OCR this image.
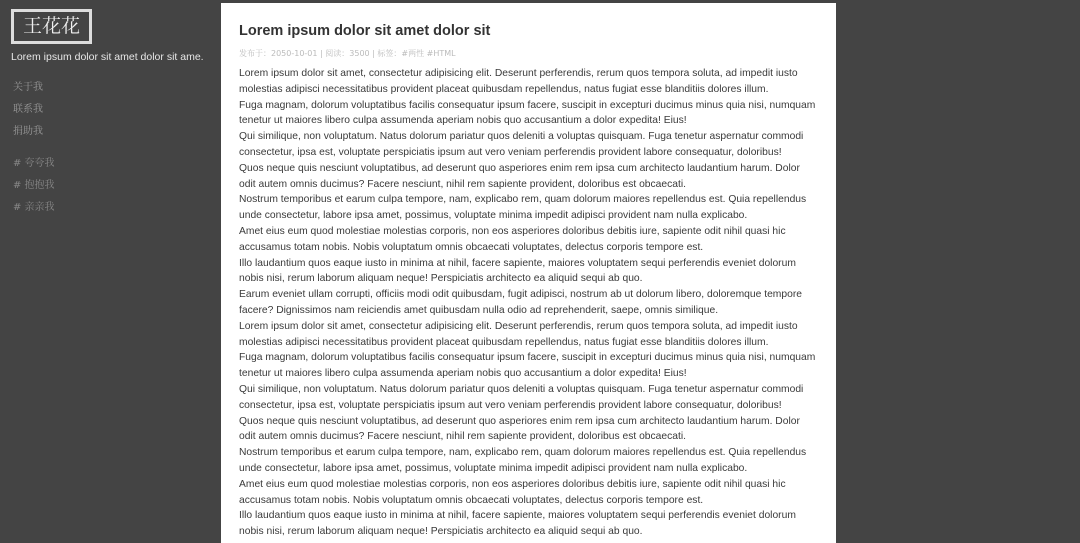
王花花
Lorem ipsum dolor sit amet dolor sit ame.
关于我
联系我
捐助我
# 夸夸我
# 抱抱我
# 亲亲我
Lorem ipsum dolor sit amet dolor sit
发布于：2050-10-01 | 阅读：3500 | 标签：#两性 #HTML

Lorem ipsum dolor sit amet, consectetur adipisicing elit. Deserunt perferendis, rerum quos tempora soluta, ad impedit iusto molestias adipisci necessitatibus provident placeat quibusdam repellendus, natus fugiat esse blanditiis dolores illum.

Fuga magnam, dolorum voluptatibus facilis consequatur ipsum facere, suscipit in excepturi ducimus minus quia nisi, numquam tenetur ut maiores libero culpa assumenda aperiam nobis quo accusantium a dolor expedita! Eius!

Qui similique, non voluptatum. Natus dolorum pariatur quos deleniti a voluptas quisquam. Fuga tenetur aspernatur commodi consectetur, ipsa est, voluptate perspiciatis ipsum aut vero veniam perferendis provident labore consequatur, doloribus!

Quos neque quis nesciunt voluptatibus, ad deserunt quo asperiores enim rem ipsa cum architecto laudantium harum. Dolor odit autem omnis ducimus? Facere nesciunt, nihil rem sapiente provident, doloribus est obcaecati.

Nostrum temporibus et earum culpa tempore, nam, explicabo rem, quam dolorum maiores repellendus est. Quia repellendus unde consectetur, labore ipsa amet, possimus, voluptate minima impedit adipisci provident nam nulla explicabo.

Amet eius eum quod molestiae molestias corporis, non eos asperiores doloribus debitis iure, sapiente odit nihil quasi hic accusamus totam nobis. Nobis voluptatum omnis obcaecati voluptates, delectus corporis tempore est.

Illo laudantium quos eaque iusto in minima at nihil, facere sapiente, maiores voluptatem sequi perferendis eveniet dolorum nobis nisi, rerum laborum aliquam neque! Perspiciatis architecto ea aliquid sequi ab quo.

Earum eveniet ullam corrupti, officiis modi odit quibusdam, fugit adipisci, nostrum ab ut dolorum libero, doloremque tempore facere? Dignissimos nam reiciendis amet quibusdam nulla odio ad reprehenderit, saepe, omnis similique.

Lorem ipsum dolor sit amet, consectetur adipisicing elit. Deserunt perferendis, rerum quos tempora soluta, ad impedit iusto molestias adipisci necessitatibus provident placeat quibusdam repellendus, natus fugiat esse blanditiis dolores illum.

Fuga magnam, dolorum voluptatibus facilis consequatur ipsum facere, suscipit in excepturi ducimus minus quia nisi, numquam tenetur ut maiores libero culpa assumenda aperiam nobis quo accusantium a dolor expedita! Eius!

Qui similique, non voluptatum. Natus dolorum pariatur quos deleniti a voluptas quisquam. Fuga tenetur aspernatur commodi consectetur, ipsa est, voluptate perspiciatis ipsum aut vero veniam perferendis provident labore consequatur, doloribus!

Quos neque quis nesciunt voluptatibus, ad deserunt quo asperiores enim rem ipsa cum architecto laudantium harum. Dolor odit autem omnis ducimus? Facere nesciunt, nihil rem sapiente provident, doloribus est obcaecati.

Nostrum temporibus et earum culpa tempore, nam, explicabo rem, quam dolorum maiores repellendus est. Quia repellendus unde consectetur, labore ipsa amet, possimus, voluptate minima impedit adipisci provident nam nulla explicabo.

Amet eius eum quod molestiae molestias corporis, non eos asperiores doloribus debitis iure, sapiente odit nihil quasi hic accusamus totam nobis. Nobis voluptatum omnis obcaecati voluptates, delectus corporis tempore est.

Illo laudantium quos eaque iusto in minima at nihil, facere sapiente, maiores voluptatem sequi perferendis eveniet dolorum nobis nisi, rerum laborum aliquam neque! Perspiciatis architecto ea aliquid sequi ab quo.
